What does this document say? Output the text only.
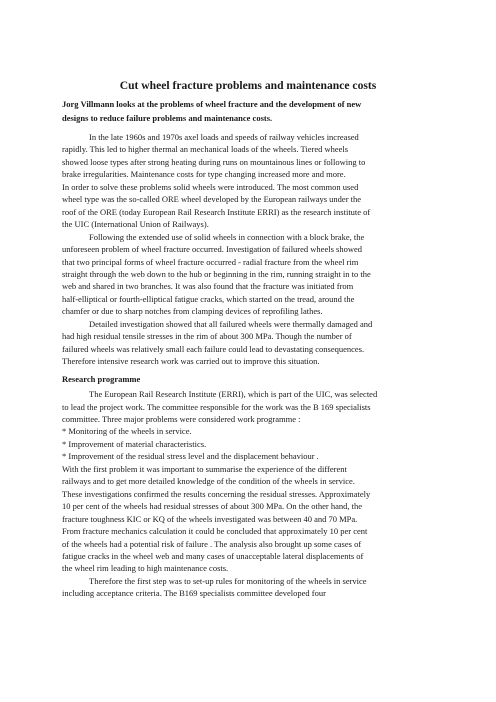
Cut wheel fracture problems and maintenance costs
Jorg Villmann looks at the problems of wheel fracture and the development of new
designs to reduce failure problems and maintenance costs.
In the late 1960s and 1970s axel loads and speeds of railway vehicles increased
rapidly. This led to higher thermal an mechanical loads of the wheels. Tiered wheels
showed loose types after strong heating during runs on mountainous lines or following to
brake irregularities. Maintenance costs for type changing increased more and more.
In order to solve these problems solid wheels were introduced. The most common used
wheel type was the so-called ORE wheel developed by the European railways under the
roof of the ORE (today European Rail Research Institute ERRI) as the research institute of
the UIC (International Union of Railways).
Following the extended use of solid wheels in connection with a block brake, the
unforeseen problem of wheel fracture occurred. Investigation of failured wheels showed
that two principal forms of wheel fracture occurred - radial fracture from the wheel rim
straight through the web down to the hub or beginning in the rim, running straight in to the
web and shared in two branches. It was also found that the fracture was initiated from
half-elliptical or fourth-elliptical fatigue cracks, which started on the tread, around the
chamfer or due to sharp notches from clamping devices of reprofiling lathes.
Detailed investigation showed that all failured wheels were thermally damaged and
had high residual tensile stresses in the rim of about 300 MPa. Though the number of
failured wheels was relatively small each failure could lead to devastating consequences.
Therefore intensive research work was carried out to improve this situation.
Research programme
The European Rail Research Institute (ERRI), which is part of the UIC, was selected
to lead the project work. The committee responsible for the work was the B 169 specialists
committee. Three major problems were considered work programme :
* Monitoring of the wheels in service.
* Improvement of material characteristics.
* Improvement of the residual stress level and the displacement behaviour .
With the first problem it was important to summarise the experience of the different
railways and to get more detailed knowledge of the condition of the wheels in service.
These investigations confirmed the results concerning the residual stresses. Approximately
10 per cent of the wheels had residual stresses of about 300 MPa. On the other hand, the
fracture toughness KIC or KQ of the wheels investigated was between 40 and 70 MPa.
From fracture mechanics calculation it could be concluded that approximately 10 per cent
of the wheels had a potential risk of failure . The analysis also brought up some cases of
fatigue cracks in the wheel web and many cases of unacceptable lateral displacements of
the wheel rim leading to high maintenance costs.
Therefore the first step was to set-up rules for monitoring of the wheels in service
including acceptance criteria. The B169 specialists committee developed four
